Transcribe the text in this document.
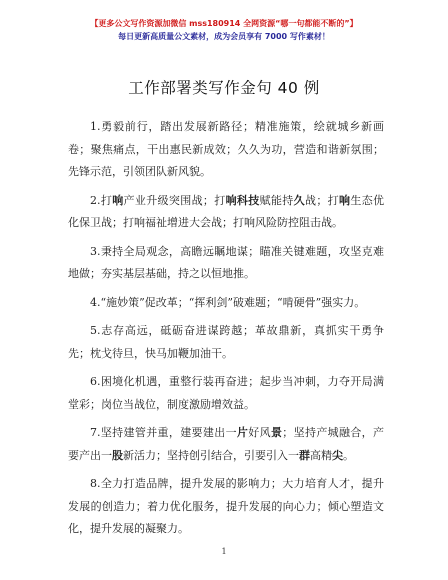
【更多公文写作资源加微信 mss180914 全网资源“哪一句都能不断的”】
每日更新高质量公文素材，成为会员享有 7000 写作素材！
工作部署类写作金句 40 例

1.勇毅前行，踏出发展新路径；精准施策，绘就城乡新画卷；聚焦痛点，干出惠民新成效；久久为功，营造和谐新氛围；先锋示范，引领团队新风貌。

2.打响产业升级突围战；打响科技赋能持久战；打响生态优化保卫战；打响福祉增进大会战；打响风险防控阻击战。

3.秉持全局观念，高瞻远瞩地谋；瞄准关键难题，攻坚克难地做；夯实基层基础，持之以恒地推。

4.“施妙策”促改革；“挥利剑”破难题；“啃硬骨”强实力。

5.志存高远，砥砺奋进谋跨越；革故鼎新，真抓实干勇争先；枕戈待旦，快马加鞭加油干。

6.困境化机遇，重整行装再奋进；起步当冲刺，力夺开局满堂彩；岗位当战位，制度激励增效益。

7.坚持建管并重，建要建出一片好风景；坚持产城融合，产要产出一股新活力；坚持创引结合，引要引入一群高精尖。

8.全力打造品牌，提升发展的影响力；大力培育人才，提升发展的创造力；着力优化服务，提升发展的向心力；倾心塑造文化，提升发展的凝聚力。

1
